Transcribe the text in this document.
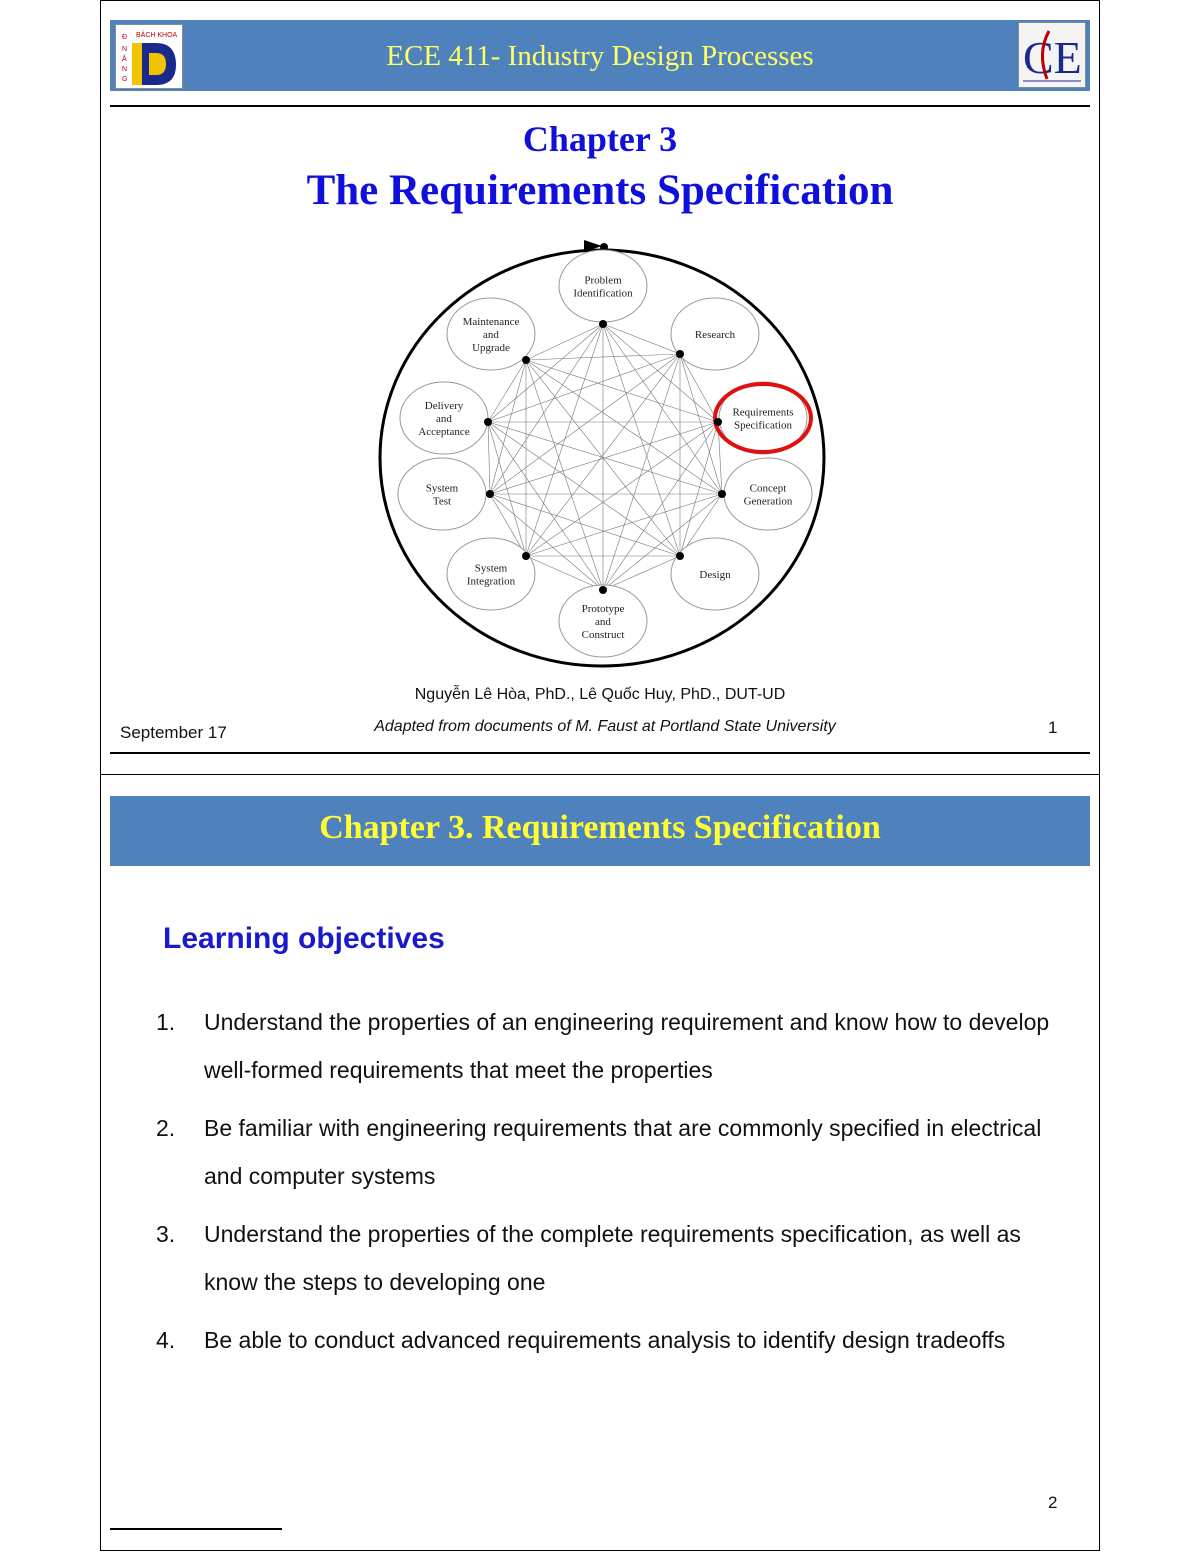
ECE 411- Industry Design Processes
BÁCH KHOA
Đ
N
Ẵ
N
G	CE
Chapter 3
The Requirements Specification
Problem
Identification
Research
Requirements
Specification
Concept
Generation
Design
Prototype
and
Construct
System
Integration
System
Test
Delivery
and
Acceptance
Maintenance
and
Upgrade
Nguyễn Lê Hòa, PhD., Lê Quốc Huy, PhD., DUT-UD
Adapted from documents of M. Faust at Portland State University
September 17	1
Chapter 3. Requirements Specification
Learning objectives
1. Understand the properties of an engineering requirement and know how to develop well-formed requirements that meet the properties
2. Be familiar with engineering requirements that are commonly specified in electrical and computer systems
3. Understand the properties of the complete requirements specification, as well as know the steps to developing one
4. Be able to conduct advanced requirements analysis to identify design tradeoffs
2
